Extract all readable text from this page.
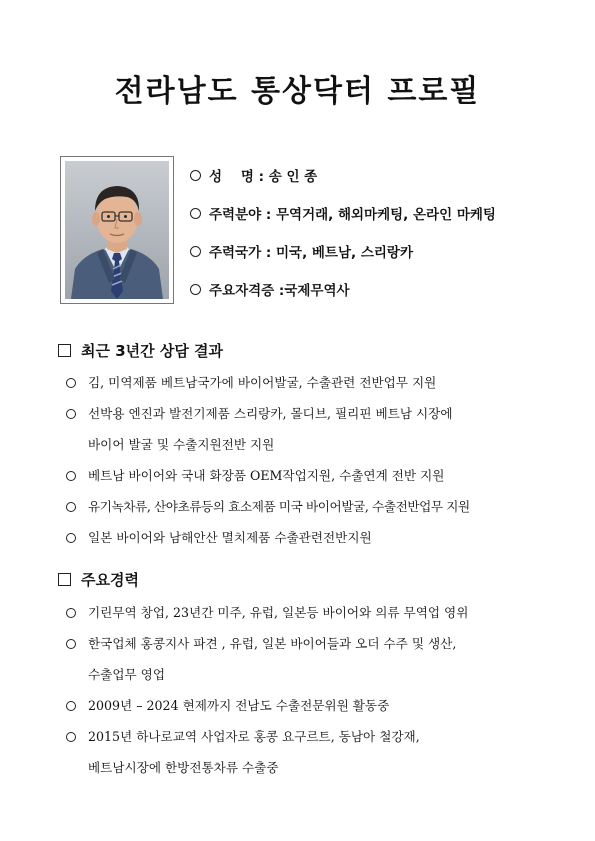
전라남도 통상닥터 프로필
성    명 : 송 인 종
주력분야 : 무역거래, 해외마케팅, 온라인 마케팅
주력국가 : 미국, 베트남, 스리랑카
주요자격증 :국제무역사
최근 3년간 상담 결과
김, 미역제품 베트남국가에 바이어발굴, 수출관련 전반업무 지원
선박용 엔진과 발전기제품 스리랑카, 몰디브, 필리핀 베트남 시장에
바이어 발굴 및 수출지원전반 지원
베트남 바이어와 국내 화장품 OEM작업지원, 수출연계 전반 지원
유기녹차류, 산야초류등의 효소제품 미국 바이어발굴, 수출전반업무 지원
일본 바이어와 남해안산 멸치제품 수출관련전반지원
주요경력
기린무역 창업, 23년간 미주, 유럽, 일본등 바이어와 의류 무역업 영위
한국업체 홍콩지사 파견 , 유럽, 일본 바이어들과 오더 수주 및 생산,
수출업무 영업
2009년 – 2024 현제까지 전남도 수출전문위원 활동중
2015년 하나로교역 사업자로 홍콩 요구르트, 동남아 철강재,
베트남시장에 한방전통차류 수출중
